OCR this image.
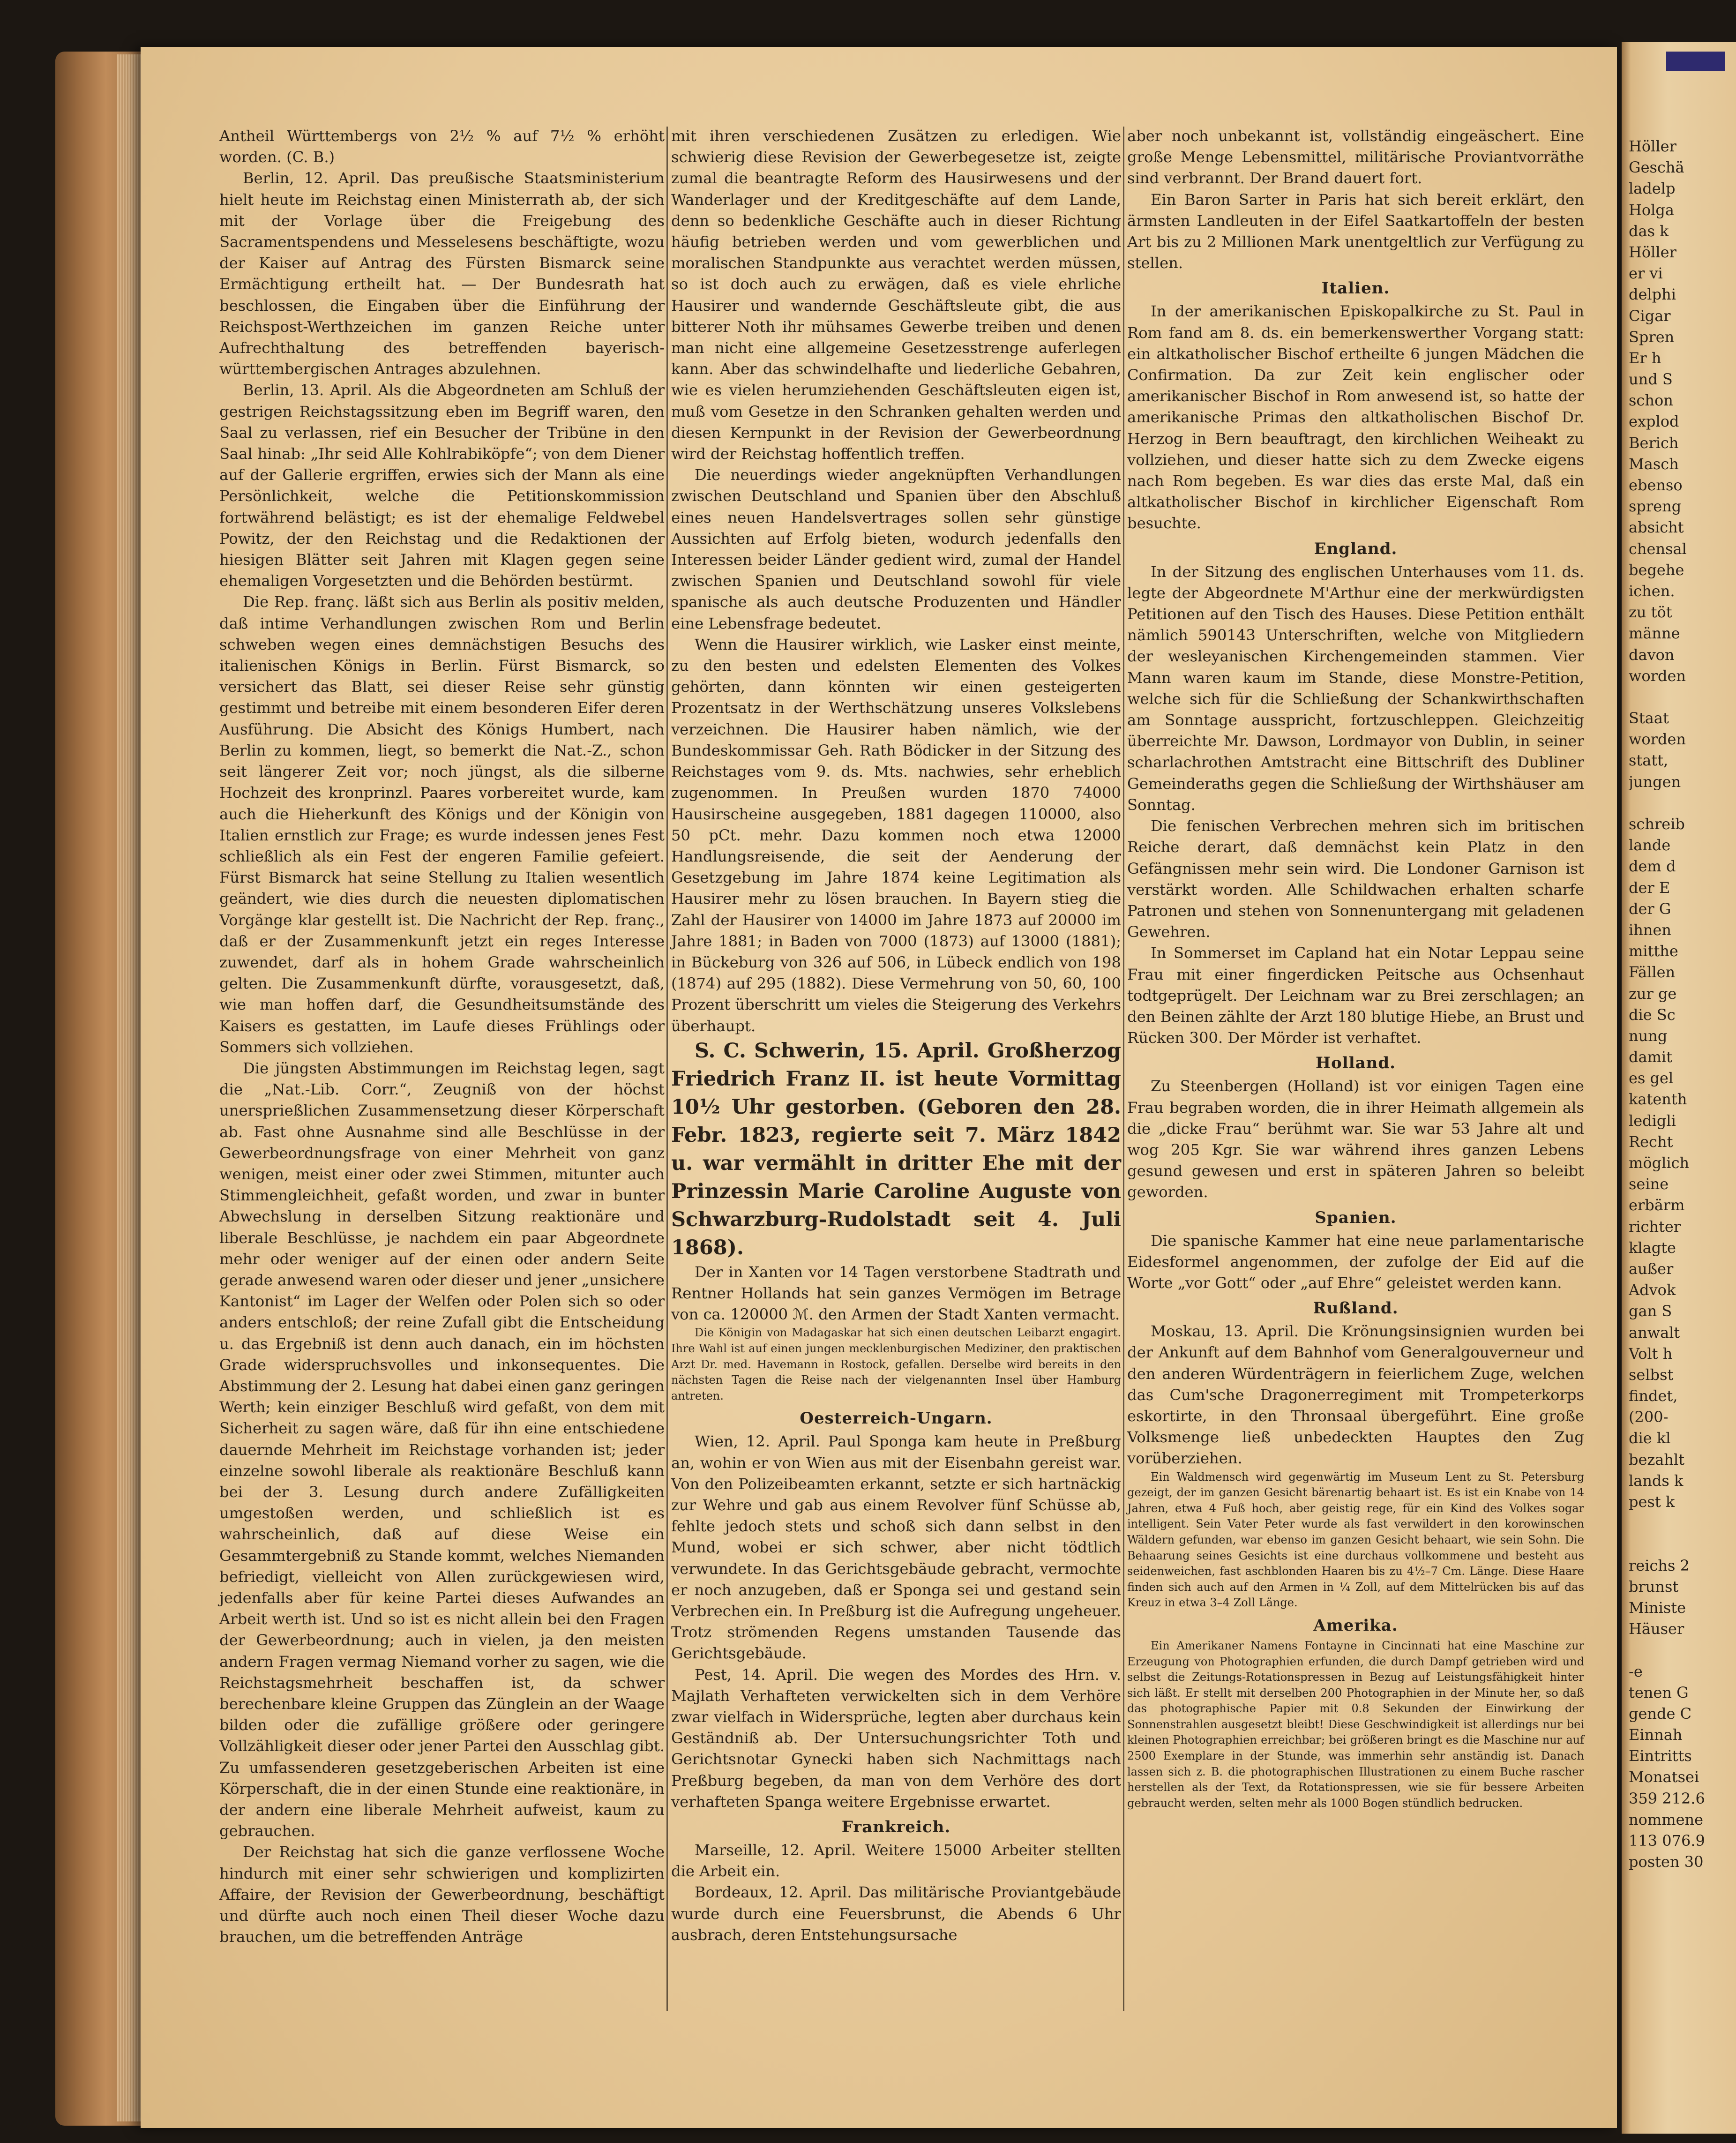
Antheil Württembergs von 2½ % auf 7½ % erhöht worden. (C. B.)

Berlin, 12. April. Das preußische Staatsministerium hielt heute im Reichstag einen Ministerrath ab, der sich mit der Vorlage über die Freigebung des Sacramentspendens und Messelesens beschäftigte, wozu der Kaiser auf Antrag des Fürsten Bismarck seine Ermächtigung ertheilt hat. — Der Bundesrath hat beschlossen, die Eingaben über die Einführung der Reichspost-Werthzeichen im ganzen Reiche unter Aufrechthaltung des betreffenden bayerisch-württembergischen Antrages abzulehnen.

Berlin, 13. April. Als die Abgeordneten am Schluß der gestrigen Reichstagssitzung eben im Begriff waren, den Saal zu verlassen, rief ein Besucher der Tribüne in den Saal hinab: „Ihr seid Alle Kohlrabiköpfe“; von dem Diener auf der Gallerie ergriffen, erwies sich der Mann als eine Persönlichkeit, welche die Petitionskommission fortwährend belästigt; es ist der ehemalige Feldwebel Powitz, der den Reichstag und die Redaktionen der hiesigen Blätter seit Jahren mit Klagen gegen seine ehemaligen Vorgesetzten und die Behörden bestürmt.

Die Rep. franç. läßt sich aus Berlin als positiv melden, daß intime Verhandlungen zwischen Rom und Berlin schweben wegen eines demnächstigen Besuchs des italienischen Königs in Berlin. Fürst Bismarck, so versichert das Blatt, sei dieser Reise sehr günstig gestimmt und betreibe mit einem besonderen Eifer deren Ausführung. Die Absicht des Königs Humbert, nach Berlin zu kommen, liegt, so bemerkt die Nat.-Z., schon seit längerer Zeit vor; noch jüngst, als die silberne Hochzeit des kronprinzl. Paares vorbereitet wurde, kam auch die Hieherkunft des Königs und der Königin von Italien ernstlich zur Frage; es wurde indessen jenes Fest schließlich als ein Fest der engeren Familie gefeiert. Fürst Bismarck hat seine Stellung zu Italien wesentlich geändert, wie dies durch die neuesten diplomatischen Vorgänge klar gestellt ist. Die Nachricht der Rep. franç., daß er der Zusammenkunft jetzt ein reges Interesse zuwendet, darf als in hohem Grade wahrscheinlich gelten. Die Zusammenkunft dürfte, vorausgesetzt, daß, wie man hoffen darf, die Gesundheitsumstände des Kaisers es gestatten, im Laufe dieses Frühlings oder Sommers sich vollziehen.

Die jüngsten Abstimmungen im Reichstag legen, sagt die „Nat.-Lib. Corr.“, Zeugniß von der höchst unersprießlichen Zusammensetzung dieser Körperschaft ab. Fast ohne Ausnahme sind alle Beschlüsse in der Gewerbeordnungsfrage von einer Mehrheit von ganz wenigen, meist einer oder zwei Stimmen, mitunter auch Stimmengleichheit, gefaßt worden, und zwar in bunter Abwechslung in derselben Sitzung reaktionäre und liberale Beschlüsse, je nachdem ein paar Abgeordnete mehr oder weniger auf der einen oder andern Seite gerade anwesend waren oder dieser und jener „unsichere Kantonist“ im Lager der Welfen oder Polen sich so oder anders entschloß; der reine Zufall gibt die Entscheidung u. das Ergebniß ist denn auch danach, ein im höchsten Grade widerspruchsvolles und inkonsequentes. Die Abstimmung der 2. Lesung hat dabei einen ganz geringen Werth; kein einziger Beschluß wird gefaßt, von dem mit Sicherheit zu sagen wäre, daß für ihn eine entschiedene dauernde Mehrheit im Reichstage vorhanden ist; jeder einzelne sowohl liberale als reaktionäre Beschluß kann bei der 3. Lesung durch andere Zufälligkeiten umgestoßen werden, und schließlich ist es wahrscheinlich, daß auf diese Weise ein Gesammtergebniß zu Stande kommt, welches Niemanden befriedigt, vielleicht von Allen zurückgewiesen wird, jedenfalls aber für keine Partei dieses Aufwandes an Arbeit werth ist. Und so ist es nicht allein bei den Fragen der Gewerbeordnung; auch in vielen, ja den meisten andern Fragen vermag Niemand vorher zu sagen, wie die Reichstagsmehrheit beschaffen ist, da schwer berechenbare kleine Gruppen das Zünglein an der Waage bilden oder die zufällige größere oder geringere Vollzähligkeit dieser oder jener Partei den Ausschlag gibt. Zu umfassenderen gesetzgeberischen Arbeiten ist eine Körperschaft, die in der einen Stunde eine reaktionäre, in der andern eine liberale Mehrheit aufweist, kaum zu gebrauchen.

Der Reichstag hat sich die ganze verflossene Woche hindurch mit einer sehr schwierigen und komplizirten Affaire, der Revision der Gewerbeordnung, beschäftigt und dürfte auch noch einen Theil dieser Woche dazu brauchen, um die betreffenden Anträge

mit ihren verschiedenen Zusätzen zu erledigen. Wie schwierig diese Revision der Gewerbegesetze ist, zeigte zumal die beantragte Reform des Hausirwesens und der Wanderlager und der Kreditgeschäfte auf dem Lande, denn so bedenkliche Geschäfte auch in dieser Richtung häufig betrieben werden und vom gewerblichen und moralischen Standpunkte aus verachtet werden müssen, so ist doch auch zu erwägen, daß es viele ehrliche Hausirer und wandernde Geschäftsleute gibt, die aus bitterer Noth ihr mühsames Gewerbe treiben und denen man nicht eine allgemeine Gesetzesstrenge auferlegen kann. Aber das schwindelhafte und liederliche Gebahren, wie es vielen herumziehenden Geschäftsleuten eigen ist, muß vom Gesetze in den Schranken gehalten werden und diesen Kernpunkt in der Revision der Gewerbeordnung wird der Reichstag hoffentlich treffen.

Die neuerdings wieder angeknüpften Verhandlungen zwischen Deutschland und Spanien über den Abschluß eines neuen Handelsvertrages sollen sehr günstige Aussichten auf Erfolg bieten, wodurch jedenfalls den Interessen beider Länder gedient wird, zumal der Handel zwischen Spanien und Deutschland sowohl für viele spanische als auch deutsche Produzenten und Händler eine Lebensfrage bedeutet.

Wenn die Hausirer wirklich, wie Lasker einst meinte, zu den besten und edelsten Elementen des Volkes gehörten, dann könnten wir einen gesteigerten Prozentsatz in der Werthschätzung unseres Volkslebens verzeichnen. Die Hausirer haben nämlich, wie der Bundeskommissar Geh. Rath Bödicker in der Sitzung des Reichstages vom 9. ds. Mts. nachwies, sehr erheblich zugenommen. In Preußen wurden 1870 74000 Hausirscheine ausgegeben, 1881 dagegen 110000, also 50 pCt. mehr. Dazu kommen noch etwa 12000 Handlungsreisende, die seit der Aenderung der Gesetzgebung im Jahre 1874 keine Legitimation als Hausirer mehr zu lösen brauchen. In Bayern stieg die Zahl der Hausirer von 14000 im Jahre 1873 auf 20000 im Jahre 1881; in Baden von 7000 (1873) auf 13000 (1881); in Bückeburg von 326 auf 506, in Lübeck endlich von 198 (1874) auf 295 (1882). Diese Vermehrung von 50, 60, 100 Prozent überschritt um vieles die Steigerung des Verkehrs überhaupt.

S. C. Schwerin, 15. April. Großherzog Friedrich Franz II. ist heute Vormittag 10½ Uhr gestorben. (Geboren den 28. Febr. 1823, regierte seit 7. März 1842 u. war vermählt in dritter Ehe mit der Prinzessin Marie Caroline Auguste von Schwarzburg-Rudolstadt seit 4. Juli 1868).

Der in Xanten vor 14 Tagen verstorbene Stadtrath und Rentner Hollands hat sein ganzes Vermögen im Betrage von ca. 120000 ℳ. den Armen der Stadt Xanten vermacht.

Die Königin von Madagaskar hat sich einen deutschen Leibarzt engagirt. Ihre Wahl ist auf einen jungen mecklenburgischen Mediziner, den praktischen Arzt Dr. med. Havemann in Rostock, gefallen. Derselbe wird bereits in den nächsten Tagen die Reise nach der vielgenannten Insel über Hamburg antreten.

Oesterreich-Ungarn.

Wien, 12. April. Paul Sponga kam heute in Preßburg an, wohin er von Wien aus mit der Eisenbahn gereist war. Von den Polizeibeamten erkannt, setzte er sich hartnäckig zur Wehre und gab aus einem Revolver fünf Schüsse ab, fehlte jedoch stets und schoß sich dann selbst in den Mund, wobei er sich schwer, aber nicht tödtlich verwundete. In das Gerichtsgebäude gebracht, vermochte er noch anzugeben, daß er Sponga sei und gestand sein Verbrechen ein. In Preßburg ist die Aufregung ungeheuer. Trotz strömenden Regens umstanden Tausende das Gerichtsgebäude.

Pest, 14. April. Die wegen des Mordes des Hrn. v. Majlath Verhafteten verwickelten sich in dem Verhöre zwar vielfach in Widersprüche, legten aber durchaus kein Geständniß ab. Der Untersuchungsrichter Toth und Gerichtsnotar Gynecki haben sich Nachmittags nach Preßburg begeben, da man von dem Verhöre des dort verhafteten Spanga weitere Ergebnisse erwartet.

Frankreich.

Marseille, 12. April. Weitere 15000 Arbeiter stellten die Arbeit ein.

Bordeaux, 12. April. Das militärische Proviantgebäude wurde durch eine Feuersbrunst, die Abends 6 Uhr ausbrach, deren Entstehungsursache

aber noch unbekannt ist, vollständig eingeäschert. Eine große Menge Lebensmittel, militärische Proviantvorräthe sind verbrannt. Der Brand dauert fort.

Ein Baron Sarter in Paris hat sich bereit erklärt, den ärmsten Landleuten in der Eifel Saatkartoffeln der besten Art bis zu 2 Millionen Mark unentgeltlich zur Verfügung zu stellen.

Italien.

In der amerikanischen Episkopalkirche zu St. Paul in Rom fand am 8. ds. ein bemerkenswerther Vorgang statt: ein altkatholischer Bischof ertheilte 6 jungen Mädchen die Confirmation. Da zur Zeit kein englischer oder amerikanischer Bischof in Rom anwesend ist, so hatte der amerikanische Primas den altkatholischen Bischof Dr. Herzog in Bern beauftragt, den kirchlichen Weiheakt zu vollziehen, und dieser hatte sich zu dem Zwecke eigens nach Rom begeben. Es war dies das erste Mal, daß ein altkatholischer Bischof in kirchlicher Eigenschaft Rom besuchte.

England.

In der Sitzung des englischen Unterhauses vom 11. ds. legte der Abgeordnete M'Arthur eine der merkwürdigsten Petitionen auf den Tisch des Hauses. Diese Petition enthält nämlich 590143 Unterschriften, welche von Mitgliedern der wesleyanischen Kirchengemeinden stammen. Vier Mann waren kaum im Stande, diese Monstre-Petition, welche sich für die Schließung der Schankwirthschaften am Sonntage ausspricht, fortzuschleppen. Gleichzeitig überreichte Mr. Dawson, Lordmayor von Dublin, in seiner scharlachrothen Amtstracht eine Bittschrift des Dubliner Gemeinderaths gegen die Schließung der Wirthshäuser am Sonntag.

Die fenischen Verbrechen mehren sich im britischen Reiche derart, daß demnächst kein Platz in den Gefängnissen mehr sein wird. Die Londoner Garnison ist verstärkt worden. Alle Schildwachen erhalten scharfe Patronen und stehen von Sonnenuntergang mit geladenen Gewehren.

In Sommerset im Capland hat ein Notar Leppau seine Frau mit einer fingerdicken Peitsche aus Ochsenhaut todtgeprügelt. Der Leichnam war zu Brei zerschlagen; an den Beinen zählte der Arzt 180 blutige Hiebe, an Brust und Rücken 300. Der Mörder ist verhaftet.

Holland.

Zu Steenbergen (Holland) ist vor einigen Tagen eine Frau begraben worden, die in ihrer Heimath allgemein als die „dicke Frau“ berühmt war. Sie war 53 Jahre alt und wog 205 Kgr. Sie war während ihres ganzen Lebens gesund gewesen und erst in späteren Jahren so beleibt geworden.

Spanien.

Die spanische Kammer hat eine neue parlamentarische Eidesformel angenommen, der zufolge der Eid auf die Worte „vor Gott“ oder „auf Ehre“ geleistet werden kann.

Rußland.

Moskau, 13. April. Die Krönungsinsignien wurden bei der Ankunft auf dem Bahnhof vom Generalgouverneur und den anderen Würdenträgern in feierlichem Zuge, welchen das Cum'sche Dragonerregiment mit Trompeterkorps eskortirte, in den Thronsaal übergeführt. Eine große Volksmenge ließ unbedeckten Hauptes den Zug vorüberziehen.

Ein Waldmensch wird gegenwärtig im Museum Lent zu St. Petersburg gezeigt, der im ganzen Gesicht bärenartig behaart ist. Es ist ein Knabe von 14 Jahren, etwa 4 Fuß hoch, aber geistig rege, für ein Kind des Volkes sogar intelligent. Sein Vater Peter wurde als fast verwildert in den korowinschen Wäldern gefunden, war ebenso im ganzen Gesicht behaart, wie sein Sohn. Die Behaarung seines Gesichts ist eine durchaus vollkommene und besteht aus seidenweichen, fast aschblonden Haaren bis zu 4½–7 Cm. Länge. Diese Haare finden sich auch auf den Armen in ¼ Zoll, auf dem Mittelrücken bis auf das Kreuz in etwa 3–4 Zoll Länge.

Amerika.

Ein Amerikaner Namens Fontayne in Cincinnati hat eine Maschine zur Erzeugung von Photographien erfunden, die durch Dampf getrieben wird und selbst die Zeitungs-Rotationspressen in Bezug auf Leistungsfähigkeit hinter sich läßt. Er stellt mit derselben 200 Photographien in der Minute her, so daß das photographische Papier mit 0.8 Sekunden der Einwirkung der Sonnenstrahlen ausgesetzt bleibt! Diese Geschwindigkeit ist allerdings nur bei kleinen Photographien erreichbar; bei größeren bringt es die Maschine nur auf 2500 Exemplare in der Stunde, was immerhin sehr anständig ist. Danach lassen sich z. B. die photographischen Illustrationen zu einem Buche rascher herstellen als der Text, da Rotationspressen, wie sie für bessere Arbeiten gebraucht werden, selten mehr als 1000 Bogen stündlich bedrucken.

Höller
Geschä
ladelp
Holga
das k
Höller
er vi
delphi
Cigar
Spren
Er h
und S
schon
explod
Berich
Masch
ebenso
spreng
absicht
chensal
begehe
ichen.
zu töt
männe
davon
worden
Staat
worden
statt,
jungen
schreib
lande
dem d
der E
der G
ihnen
mitthe
Fällen
zur ge
die Sc
nung
damit
es gel
katenth
ledigli
Recht
möglich
seine
erbärm
richter
klagte
außer
Advok
gan S
anwalt
Volt h
selbst
findet,
(200-
die kl
bezahlt
lands k
pest k
reichs 2
brunst
Ministe
Häuser
-e
tenen G
gende C
Einnah
Eintritts
Monatsei
359 212.6
nommene
113 076.9
posten 30
